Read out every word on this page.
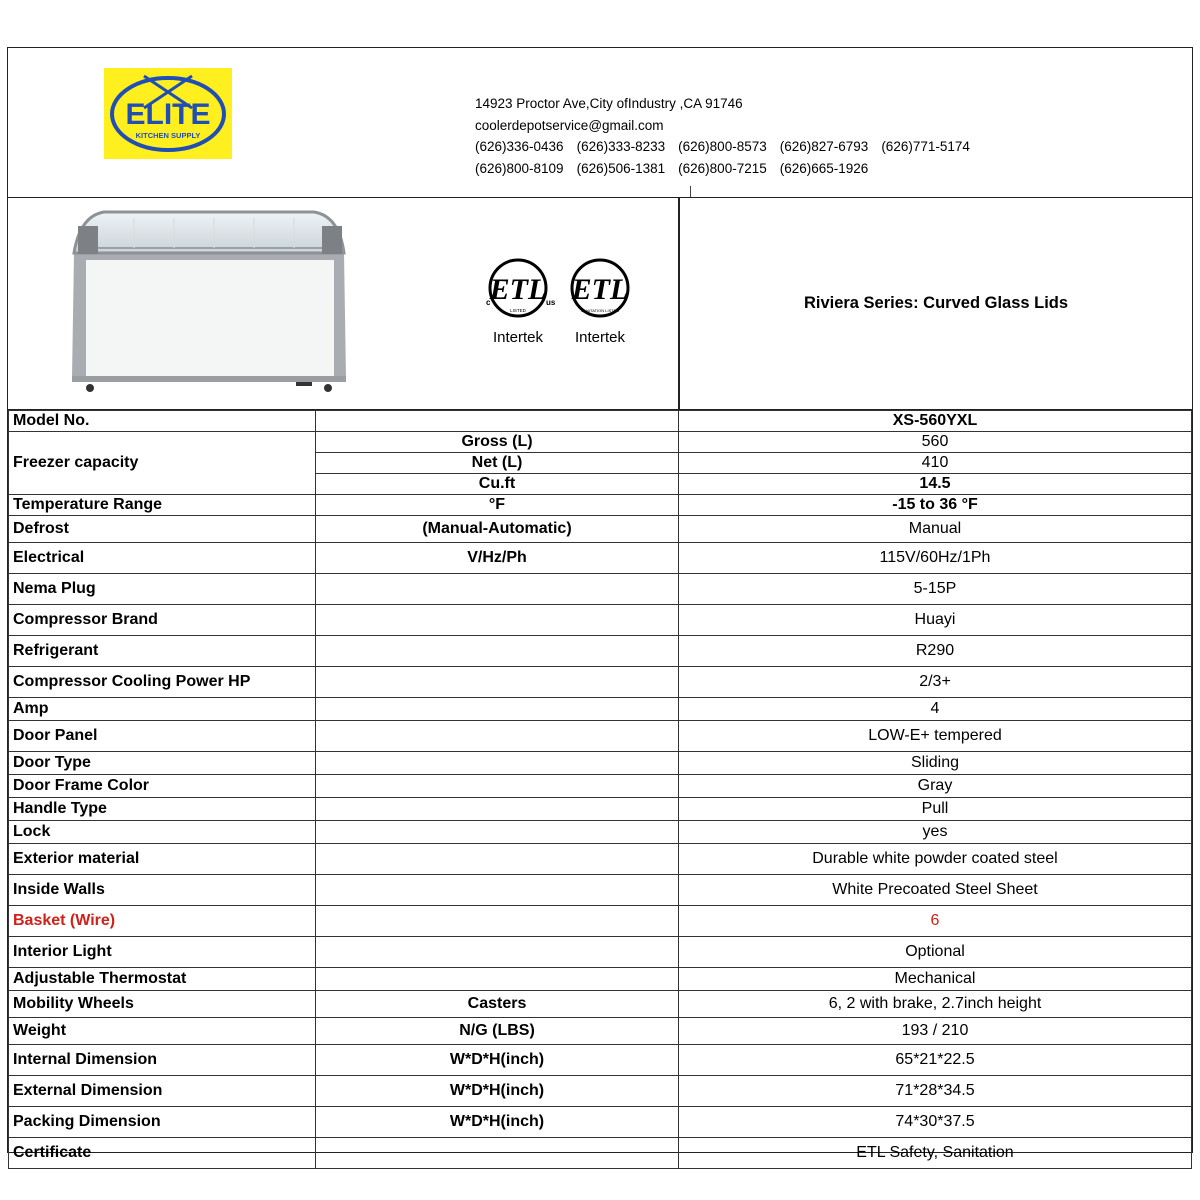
ELITE
KITCHEN SUPPLY
14923 Proctor Ave,City ofIndustry ,CA 91746
coolerdepotservice@gmail.com
(626)336-0436 (626)333-8233 (626)800-8573 (626)827-6793 (626)771-5174
(626)800-8109 (626)506-1381 (626)800-7215 (626)665-1926
ETL
c	us
LISTED
Intertek
ETL
SANITATION LISTED
Intertek
Riviera Series: Curved Glass Lids
Model No.		XS-560YXL
Freezer capacity	Gross (L)	560
	Net (L)	410
	Cu.ft	14.5
Temperature Range	°F	-15 to 36 °F
Defrost	(Manual-Automatic)	Manual
Electrical	V/Hz/Ph	115V/60Hz/1Ph
Nema Plug		5-15P
Compressor Brand		Huayi
Refrigerant		R290
Compressor Cooling Power HP		2/3+
Amp		4
Door Panel		LOW-E+ tempered
Door Type		Sliding
Door Frame Color		Gray
Handle Type		Pull
Lock		yes
Exterior material		Durable white powder coated steel
Inside Walls		White Precoated Steel Sheet
Basket (Wire)		6
Interior Light		Optional
Adjustable Thermostat		Mechanical
Mobility Wheels	Casters	6, 2 with brake, 2.7inch height
Weight	N/G (LBS)	193 / 210
Internal Dimension	W*D*H(inch)	65*21*22.5
External Dimension	W*D*H(inch)	71*28*34.5
Packing Dimension	W*D*H(inch)	74*30*37.5
Certificate		ETL Safety, Sanitation
